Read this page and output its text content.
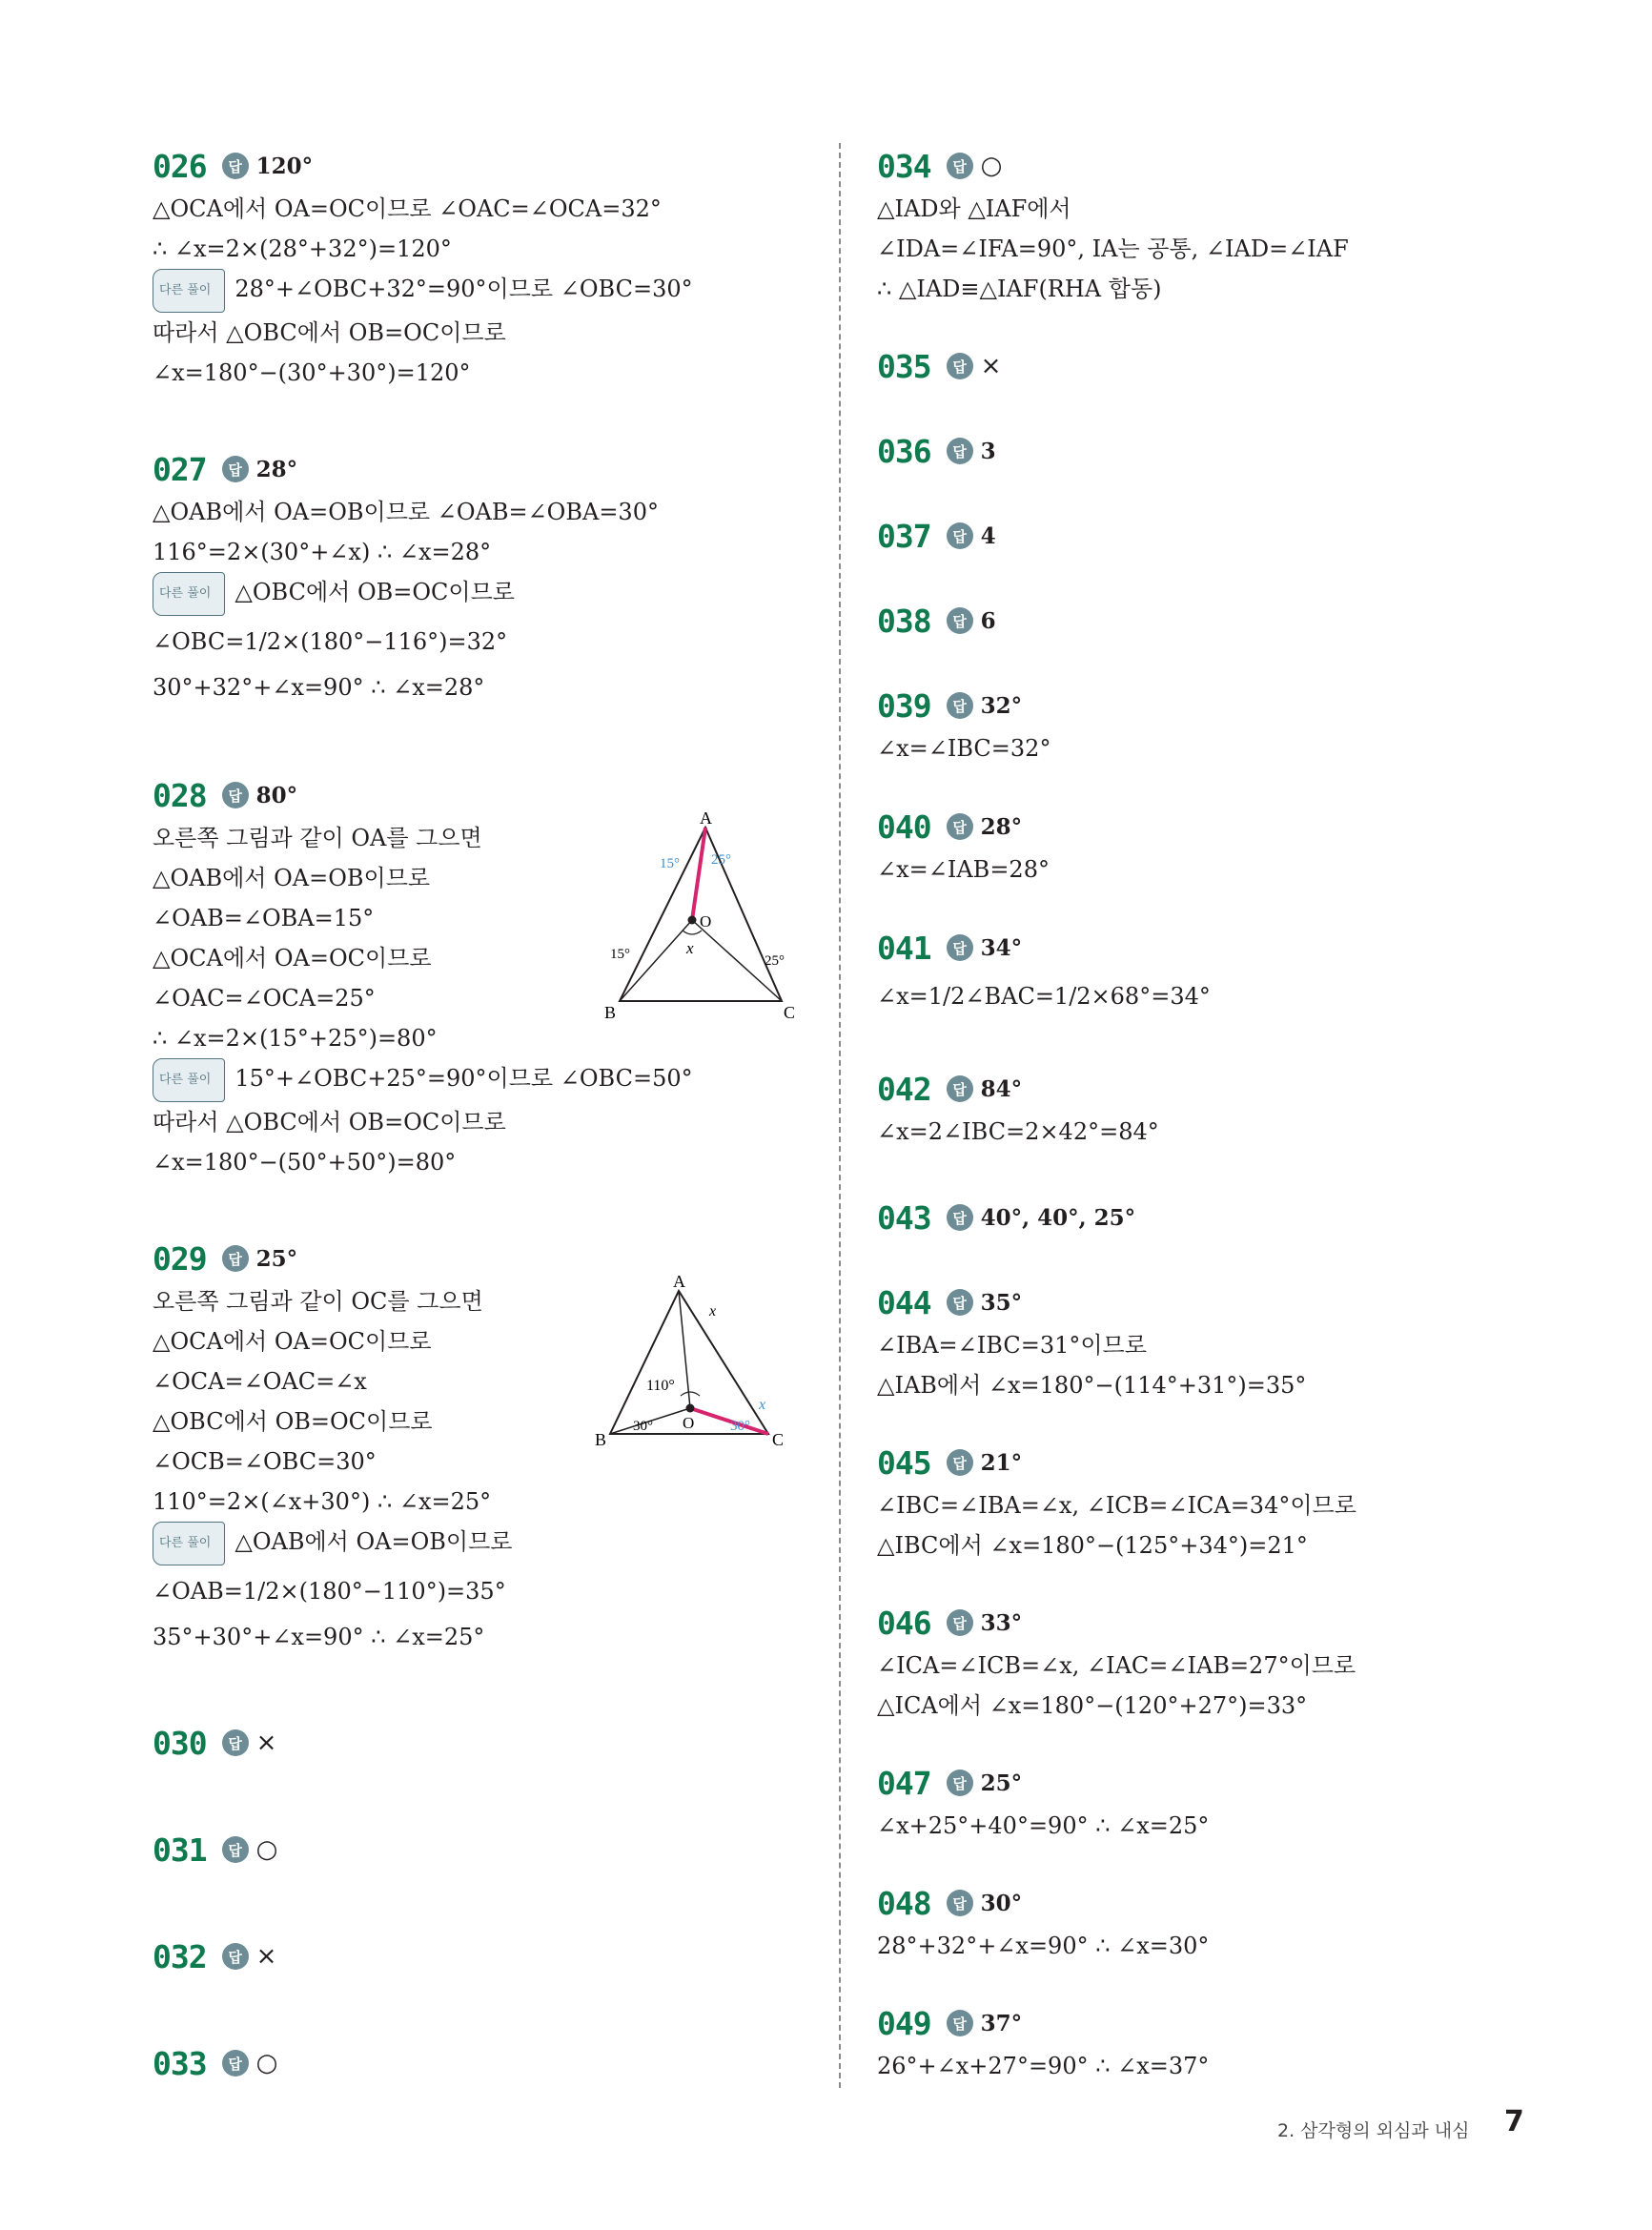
026	답 120°
△OCA에서 OA=OC이므로 ∠OAC=∠OCA=32°
∴ ∠x=2×(28°+32°)=120°
다른 풀이 28°+∠OBC+32°=90°이므로 ∠OBC=30°
따라서 △OBC에서 OB=OC이므로
∠x=180°−(30°+30°)=120°
027	답 28°
△OAB에서 OA=OB이므로 ∠OAB=∠OBA=30°
116°=2×(30°+∠x) ∴ ∠x=28°
다른 풀이 △OBC에서 OB=OC이므로
∠OBC=1/2×(180°−116°)=32°
30°+32°+∠x=90° ∴ ∠x=28°
028	답 80°
오른쪽 그림과 같이 OA를 그으면
△OAB에서 OA=OB이므로
∠OAB=∠OBA=15°
△OCA에서 OA=OC이므로
∠OAC=∠OCA=25°
∴ ∠x=2×(15°+25°)=80°
다른 풀이 15°+∠OBC+25°=90°이므로 ∠OBC=50°
따라서 △OBC에서 OB=OC이므로
∠x=180°−(50°+50°)=80°
A
B	C
O
x
15° 25°
15°	25°
029	답 25°
오른쪽 그림과 같이 OC를 그으면
△OCA에서 OA=OC이므로
∠OCA=∠OAC=∠x
△OBC에서 OB=OC이므로
∠OCB=∠OBC=30°
110°=2×(∠x+30°) ∴ ∠x=25°
다른 풀이 △OAB에서 OA=OB이므로
∠OAB=1/2×(180°−110°)=35°
35°+30°+∠x=90° ∴ ∠x=25°
A
B	C
O
x
x
110°
30°	30°
030	답 ×
031	답 ○
032	답 ×
033	답 ○
034	답 ○
△IAD와 △IAF에서
∠IDA=∠IFA=90°, IA는 공통, ∠IAD=∠IAF
∴ △IAD≡△IAF(RHA 합동)
035	답 ×
036	답 3
037	답 4
038	답 6
039	답 32°
∠x=∠IBC=32°
040	답 28°
∠x=∠IAB=28°
041	답 34°
∠x=1/2∠BAC=1/2×68°=34°
042	답 84°
∠x=2∠IBC=2×42°=84°
043	답 40°, 40°, 25°
044	답 35°
∠IBA=∠IBC=31°이므로
△IAB에서 ∠x=180°−(114°+31°)=35°
045	답 21°
∠IBC=∠IBA=∠x, ∠ICB=∠ICA=34°이므로
△IBC에서 ∠x=180°−(125°+34°)=21°
046	답 33°
∠ICA=∠ICB=∠x, ∠IAC=∠IAB=27°이므로
△ICA에서 ∠x=180°−(120°+27°)=33°
047	답 25°
∠x+25°+40°=90° ∴ ∠x=25°
048	답 30°
28°+32°+∠x=90° ∴ ∠x=30°
049	답 37°
26°+∠x+27°=90° ∴ ∠x=37°
2. 삼각형의 외심과 내심 7
